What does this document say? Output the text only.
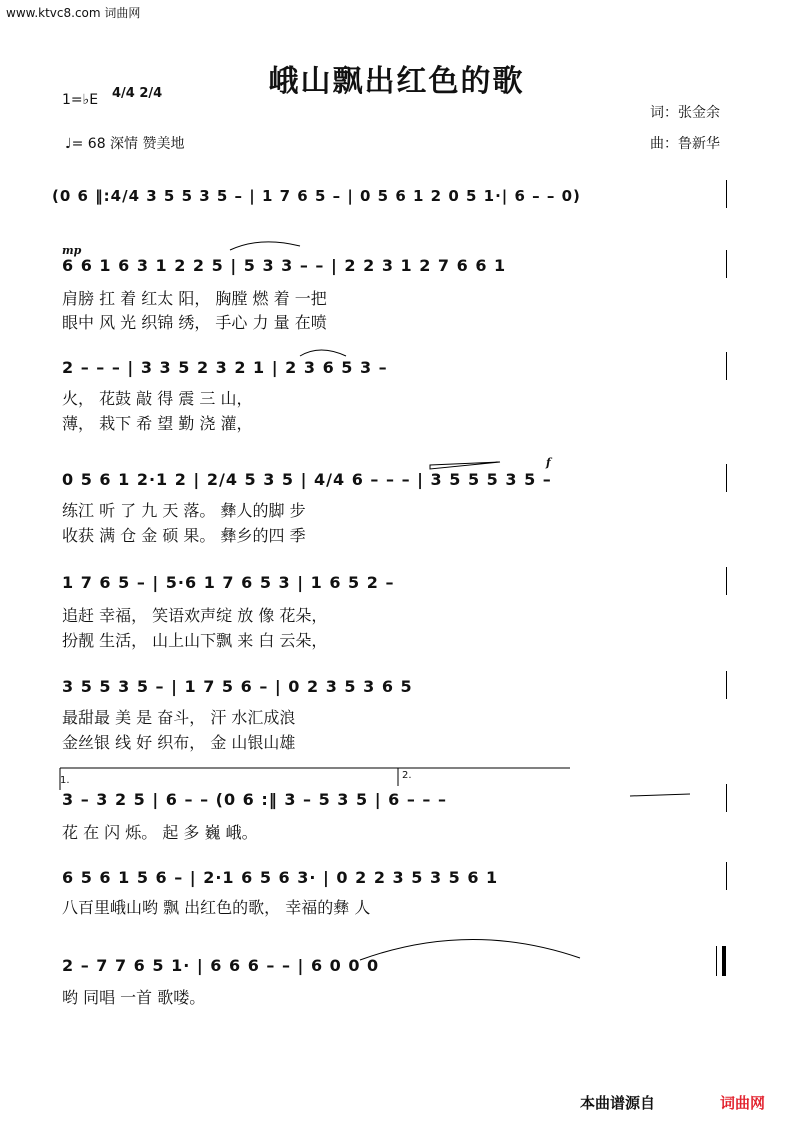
www.ktvc8.com 词曲网
峨山飘出红色的歌
1=♭E 4/4 2/4
♩= 68 深情 赞美地
词：张金余
曲：鲁新华
(0 6 ‖:4/4 3 5 5 3 5 – | 1 7 6 5 – | 0 5 6 1 2 0 5 1·| 6 – – 0)
mp
6 6 1 6 3 1 2 2 5 | 5 3 3 – – | 2 2 3 1 2 7 6 6 1
肩膀 扛 着 红太 阳， 胸膛 燃 着 一把
眼中 风 光 织锦 绣， 手心 力 量 在喷
2 – – – | 3 3 5 2 3 2 1 | 2 3 6 5 3 –
火， 花鼓 敲 得 震 三 山，
薄， 栽下 希 望 勤 浇 灌，
f
0 5 6 1 2·1 2 | 2/4 5 3 5 | 4/4 6 – – – | 3 5 5 5 3 5 –
练江 听 了 九 天 落。 彝人的脚 步
收获 满 仓 金 硕 果。 彝乡的四 季
1 7 6 5 – | 5·6 1 7 6 5 3 | 1 6 5 2 –
追赶 幸福， 笑语欢声绽 放 像 花朵，
扮靓 生活， 山上山下飘 来 白 云朵，
3 5 5 3 5 – | 1 7 5 6 – | 0 2 3 5 3 6 5
最甜最 美 是 奋斗， 汗 水汇成浪
金丝银 线 好 织布， 金 山银山雄
1.	2.
3 – 3 2 5 | 6 – – (0 6 :‖ 3 – 5 3 5 | 6 – – –
花 在 闪 烁。 起 多 巍 峨。
6 5 6 1 5 6 – | 2·1 6 5 6 3· | 0 2 2 3 5 3 5 6 1
八百里峨山哟 飘 出红色的歌， 幸福的彝 人
2 – 7 7 6 5 1· | 6 6 6 – – | 6 0 0 0
哟 同唱 一首 歌喽。
本曲谱源自	词曲网
